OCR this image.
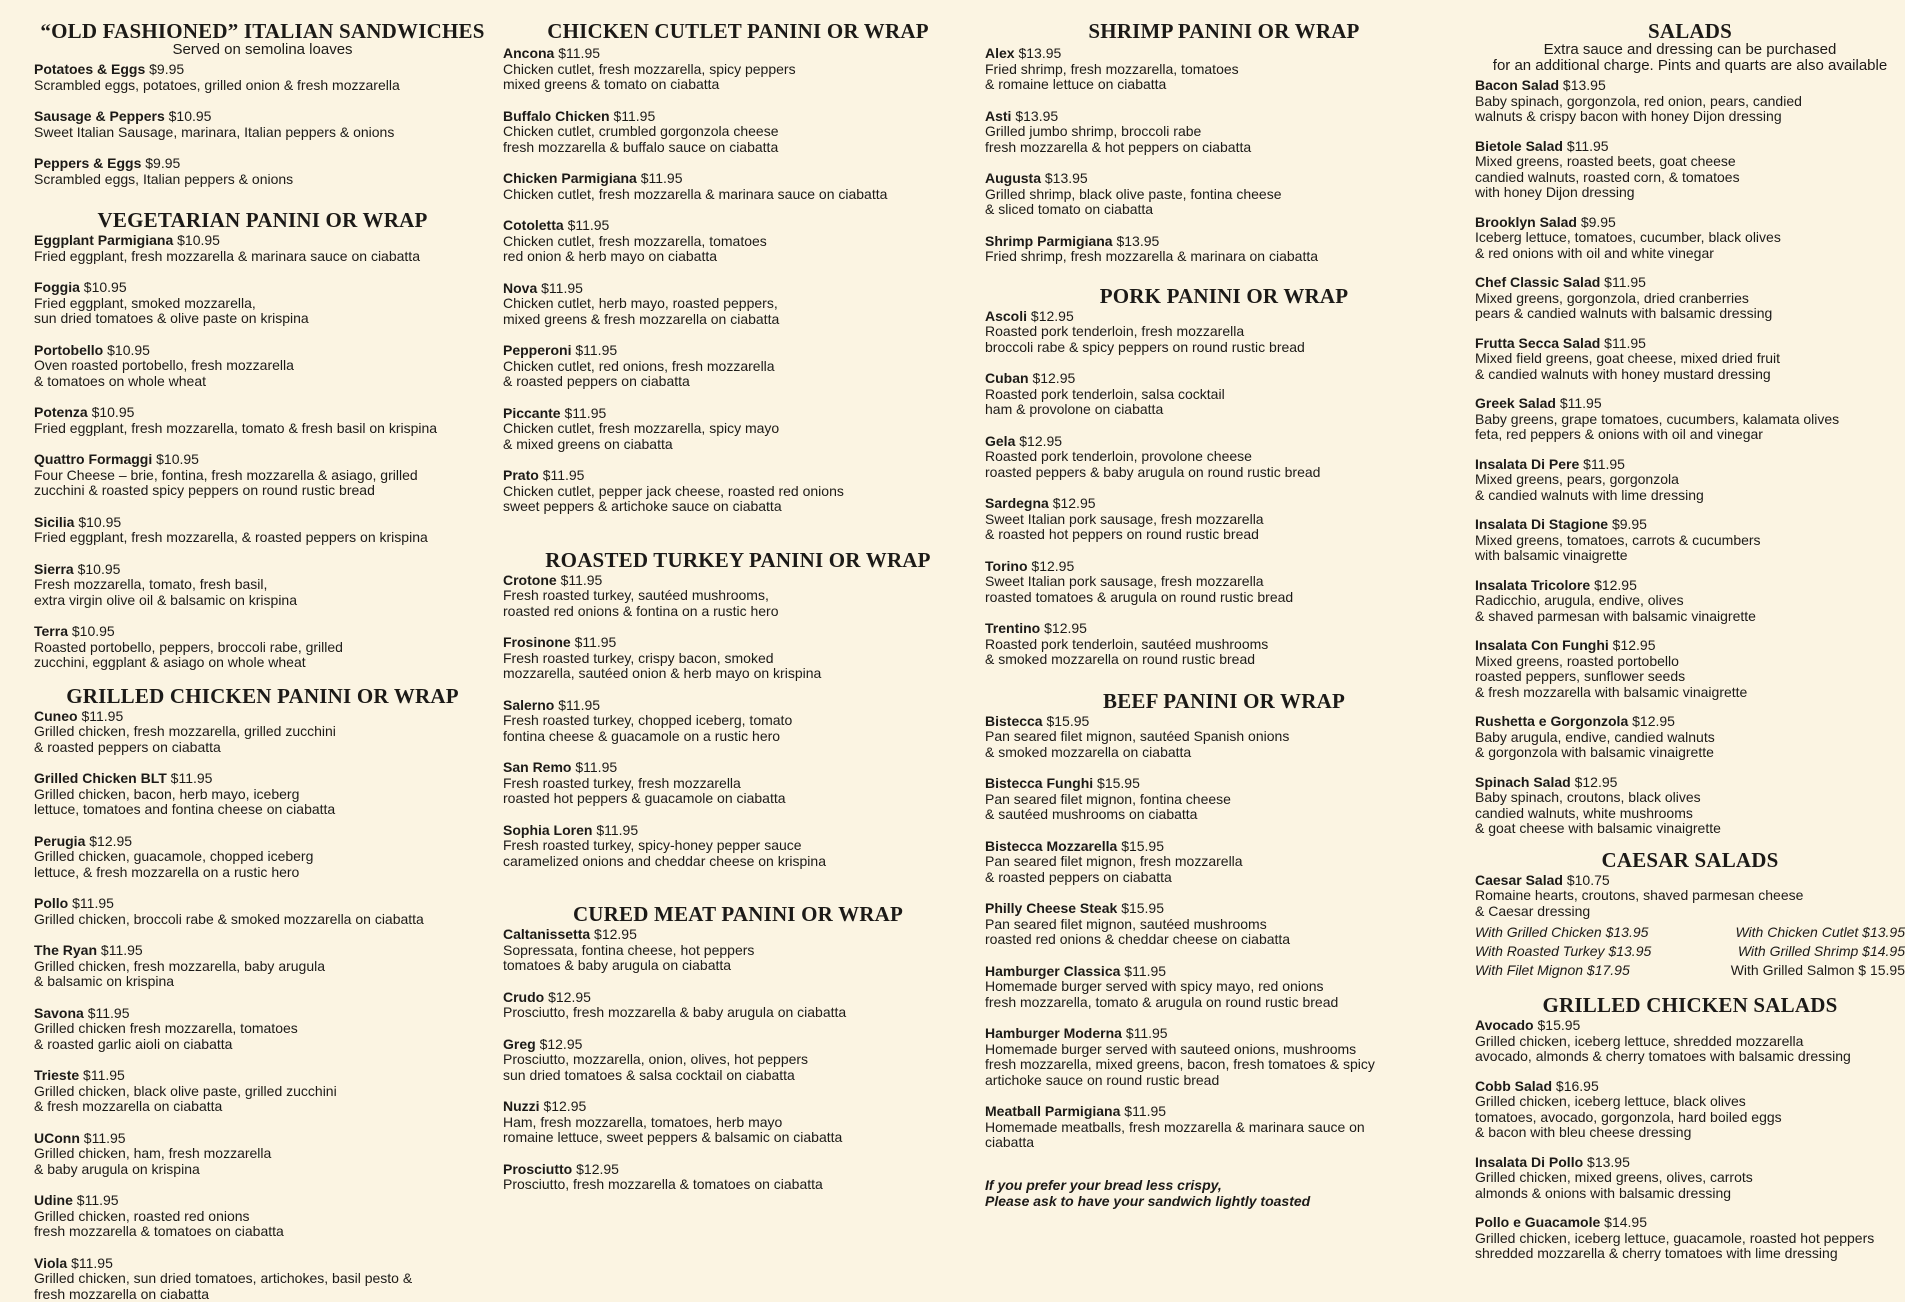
“OLD FASHIONED” ITALIAN SANDWICHES
Served on semolina loaves
Potatoes & Eggs $9.95
Scrambled eggs, potatoes, grilled onion & fresh mozzarella
Sausage & Peppers $10.95
Sweet Italian Sausage, marinara, Italian peppers & onions
Peppers & Eggs $9.95
Scrambled eggs, Italian peppers & onions
VEGETARIAN PANINI OR WRAP
Eggplant Parmigiana $10.95
Fried eggplant, fresh mozzarella & marinara sauce on ciabatta
Foggia $10.95
Fried eggplant, smoked mozzarella,
sun dried tomatoes & olive paste on krispina
Portobello $10.95
Oven roasted portobello, fresh mozzarella
& tomatoes on whole wheat
Potenza $10.95
Fried eggplant, fresh mozzarella, tomato & fresh basil on krispina
Quattro Formaggi $10.95
Four Cheese – brie, fontina, fresh mozzarella & asiago, grilled
zucchini & roasted spicy peppers on round rustic bread
Sicilia $10.95
Fried eggplant, fresh mozzarella, & roasted peppers on krispina
Sierra $10.95
Fresh mozzarella, tomato, fresh basil,
extra virgin olive oil & balsamic on krispina
Terra $10.95
Roasted portobello, peppers, broccoli rabe, grilled
zucchini, eggplant & asiago on whole wheat
GRILLED CHICKEN PANINI OR WRAP
Cuneo $11.95
Grilled chicken, fresh mozzarella, grilled zucchini
& roasted peppers on ciabatta
Grilled Chicken BLT $11.95
Grilled chicken, bacon, herb mayo, iceberg
lettuce, tomatoes and fontina cheese on ciabatta
Perugia $12.95
Grilled chicken, guacamole, chopped iceberg
lettuce, & fresh mozzarella on a rustic hero
Pollo $11.95
Grilled chicken, broccoli rabe & smoked mozzarella on ciabatta
The Ryan $11.95
Grilled chicken, fresh mozzarella, baby arugula
& balsamic on krispina
Savona $11.95
Grilled chicken fresh mozzarella, tomatoes
& roasted garlic aioli on ciabatta
Trieste $11.95
Grilled chicken, black olive paste, grilled zucchini
& fresh mozzarella on ciabatta
UConn $11.95
Grilled chicken, ham, fresh mozzarella
& baby arugula on krispina
Udine $11.95
Grilled chicken, roasted red onions
fresh mozzarella & tomatoes on ciabatta
Viola $11.95
Grilled chicken, sun dried tomatoes, artichokes, basil pesto &
fresh mozzarella on ciabatta
CHICKEN CUTLET PANINI OR WRAP
Ancona $11.95
Chicken cutlet, fresh mozzarella, spicy peppers
mixed greens & tomato on ciabatta
Buffalo Chicken $11.95
Chicken cutlet, crumbled gorgonzola cheese
fresh mozzarella & buffalo sauce on ciabatta
Chicken Parmigiana $11.95
Chicken cutlet, fresh mozzarella & marinara sauce on ciabatta
Cotoletta $11.95
Chicken cutlet, fresh mozzarella, tomatoes
red onion & herb mayo on ciabatta
Nova $11.95
Chicken cutlet, herb mayo, roasted peppers,
mixed greens & fresh mozzarella on ciabatta
Pepperoni $11.95
Chicken cutlet, red onions, fresh mozzarella
& roasted peppers on ciabatta
Piccante $11.95
Chicken cutlet, fresh mozzarella, spicy mayo
& mixed greens on ciabatta
Prato $11.95
Chicken cutlet, pepper jack cheese, roasted red onions
sweet peppers & artichoke sauce on ciabatta
ROASTED TURKEY PANINI OR WRAP
Crotone $11.95
Fresh roasted turkey, sautéed mushrooms,
roasted red onions & fontina on a rustic hero
Frosinone $11.95
Fresh roasted turkey, crispy bacon, smoked
mozzarella, sautéed onion & herb mayo on krispina
Salerno $11.95
Fresh roasted turkey, chopped iceberg, tomato
fontina cheese & guacamole on a rustic hero
San Remo $11.95
Fresh roasted turkey, fresh mozzarella
roasted hot peppers & guacamole on ciabatta
Sophia Loren $11.95
Fresh roasted turkey, spicy-honey pepper sauce
caramelized onions and cheddar cheese on krispina
CURED MEAT PANINI OR WRAP
Caltanissetta $12.95
Sopressata, fontina cheese, hot peppers
tomatoes & baby arugula on ciabatta
Crudo $12.95
Prosciutto, fresh mozzarella & baby arugula on ciabatta
Greg $12.95
Prosciutto, mozzarella, onion, olives, hot peppers
sun dried tomatoes & salsa cocktail on ciabatta
Nuzzi $12.95
Ham, fresh mozzarella, tomatoes, herb mayo
romaine lettuce, sweet peppers & balsamic on ciabatta
Prosciutto $12.95
Prosciutto, fresh mozzarella & tomatoes on ciabatta
SHRIMP PANINI OR WRAP
Alex $13.95
Fried shrimp, fresh mozzarella, tomatoes
& romaine lettuce on ciabatta
Asti $13.95
Grilled jumbo shrimp, broccoli rabe
fresh mozzarella & hot peppers on ciabatta
Augusta $13.95
Grilled shrimp, black olive paste, fontina cheese
& sliced tomato on ciabatta
Shrimp Parmigiana $13.95
Fried shrimp, fresh mozzarella & marinara on ciabatta
PORK PANINI OR WRAP
Ascoli $12.95
Roasted pork tenderloin, fresh mozzarella
broccoli rabe & spicy peppers on round rustic bread
Cuban $12.95
Roasted pork tenderloin, salsa cocktail
ham & provolone on ciabatta
Gela $12.95
Roasted pork tenderloin, provolone cheese
roasted peppers & baby arugula on round rustic bread
Sardegna $12.95
Sweet Italian pork sausage, fresh mozzarella
& roasted hot peppers on round rustic bread
Torino $12.95
Sweet Italian pork sausage, fresh mozzarella
roasted tomatoes & arugula on round rustic bread
Trentino $12.95
Roasted pork tenderloin, sautéed mushrooms
& smoked mozzarella on round rustic bread
BEEF PANINI OR WRAP
Bistecca $15.95
Pan seared filet mignon, sautéed Spanish onions
& smoked mozzarella on ciabatta
Bistecca Funghi $15.95
Pan seared filet mignon, fontina cheese
& sautéed mushrooms on ciabatta
Bistecca Mozzarella $15.95
Pan seared filet mignon, fresh mozzarella
& roasted peppers on ciabatta
Philly Cheese Steak $15.95
Pan seared filet mignon, sautéed mushrooms
roasted red onions & cheddar cheese on ciabatta
Hamburger Classica $11.95
Homemade burger served with spicy mayo, red onions
fresh mozzarella, tomato & arugula on round rustic bread
Hamburger Moderna $11.95
Homemade burger served with sauteed onions, mushrooms
fresh mozzarella, mixed greens, bacon, fresh tomatoes & spicy
artichoke sauce on round rustic bread
Meatball Parmigiana $11.95
Homemade meatballs, fresh mozzarella & marinara sauce on
ciabatta
If you prefer your bread less crispy,
Please ask to have your sandwich lightly toasted
SALADS
Extra sauce and dressing can be purchased
for an additional charge. Pints and quarts are also available
Bacon Salad $13.95
Baby spinach, gorgonzola, red onion, pears, candied
walnuts & crispy bacon with honey Dijon dressing
Bietole Salad $11.95
Mixed greens, roasted beets, goat cheese
candied walnuts, roasted corn, & tomatoes
with honey Dijon dressing
Brooklyn Salad $9.95
Iceberg lettuce, tomatoes, cucumber, black olives
& red onions with oil and white vinegar
Chef Classic Salad $11.95
Mixed greens, gorgonzola, dried cranberries
pears & candied walnuts with balsamic dressing
Frutta Secca Salad $11.95
Mixed field greens, goat cheese, mixed dried fruit
& candied walnuts with honey mustard dressing
Greek Salad $11.95
Baby greens, grape tomatoes, cucumbers, kalamata olives
feta, red peppers & onions with oil and vinegar
Insalata Di Pere $11.95
Mixed greens, pears, gorgonzola
& candied walnuts with lime dressing
Insalata Di Stagione $9.95
Mixed greens, tomatoes, carrots & cucumbers
with balsamic vinaigrette
Insalata Tricolore $12.95
Radicchio, arugula, endive, olives
& shaved parmesan with balsamic vinaigrette
Insalata Con Funghi $12.95
Mixed greens, roasted portobello
roasted peppers, sunflower seeds
& fresh mozzarella with balsamic vinaigrette
Rushetta e Gorgonzola $12.95
Baby arugula, endive, candied walnuts
& gorgonzola with balsamic vinaigrette
Spinach Salad $12.95
Baby spinach, croutons, black olives
candied walnuts, white mushrooms
& goat cheese with balsamic vinaigrette
CAESAR SALADS
Caesar Salad $10.75
Romaine hearts, croutons, shaved parmesan cheese
& Caesar dressing
With Grilled Chicken $13.95	With Chicken Cutlet $13.95
With Roasted Turkey $13.95	With Grilled Shrimp $14.95
With Filet Mignon $17.95	With Grilled Salmon $ 15.95
GRILLED CHICKEN SALADS
Avocado $15.95
Grilled chicken, iceberg lettuce, shredded mozzarella
avocado, almonds & cherry tomatoes with balsamic dressing
Cobb Salad $16.95
Grilled chicken, iceberg lettuce, black olives
tomatoes, avocado, gorgonzola, hard boiled eggs
& bacon with bleu cheese dressing
Insalata Di Pollo $13.95
Grilled chicken, mixed greens, olives, carrots
almonds & onions with balsamic dressing
Pollo e Guacamole $14.95
Grilled chicken, iceberg lettuce, guacamole, roasted hot peppers
shredded mozzarella & cherry tomatoes with lime dressing
